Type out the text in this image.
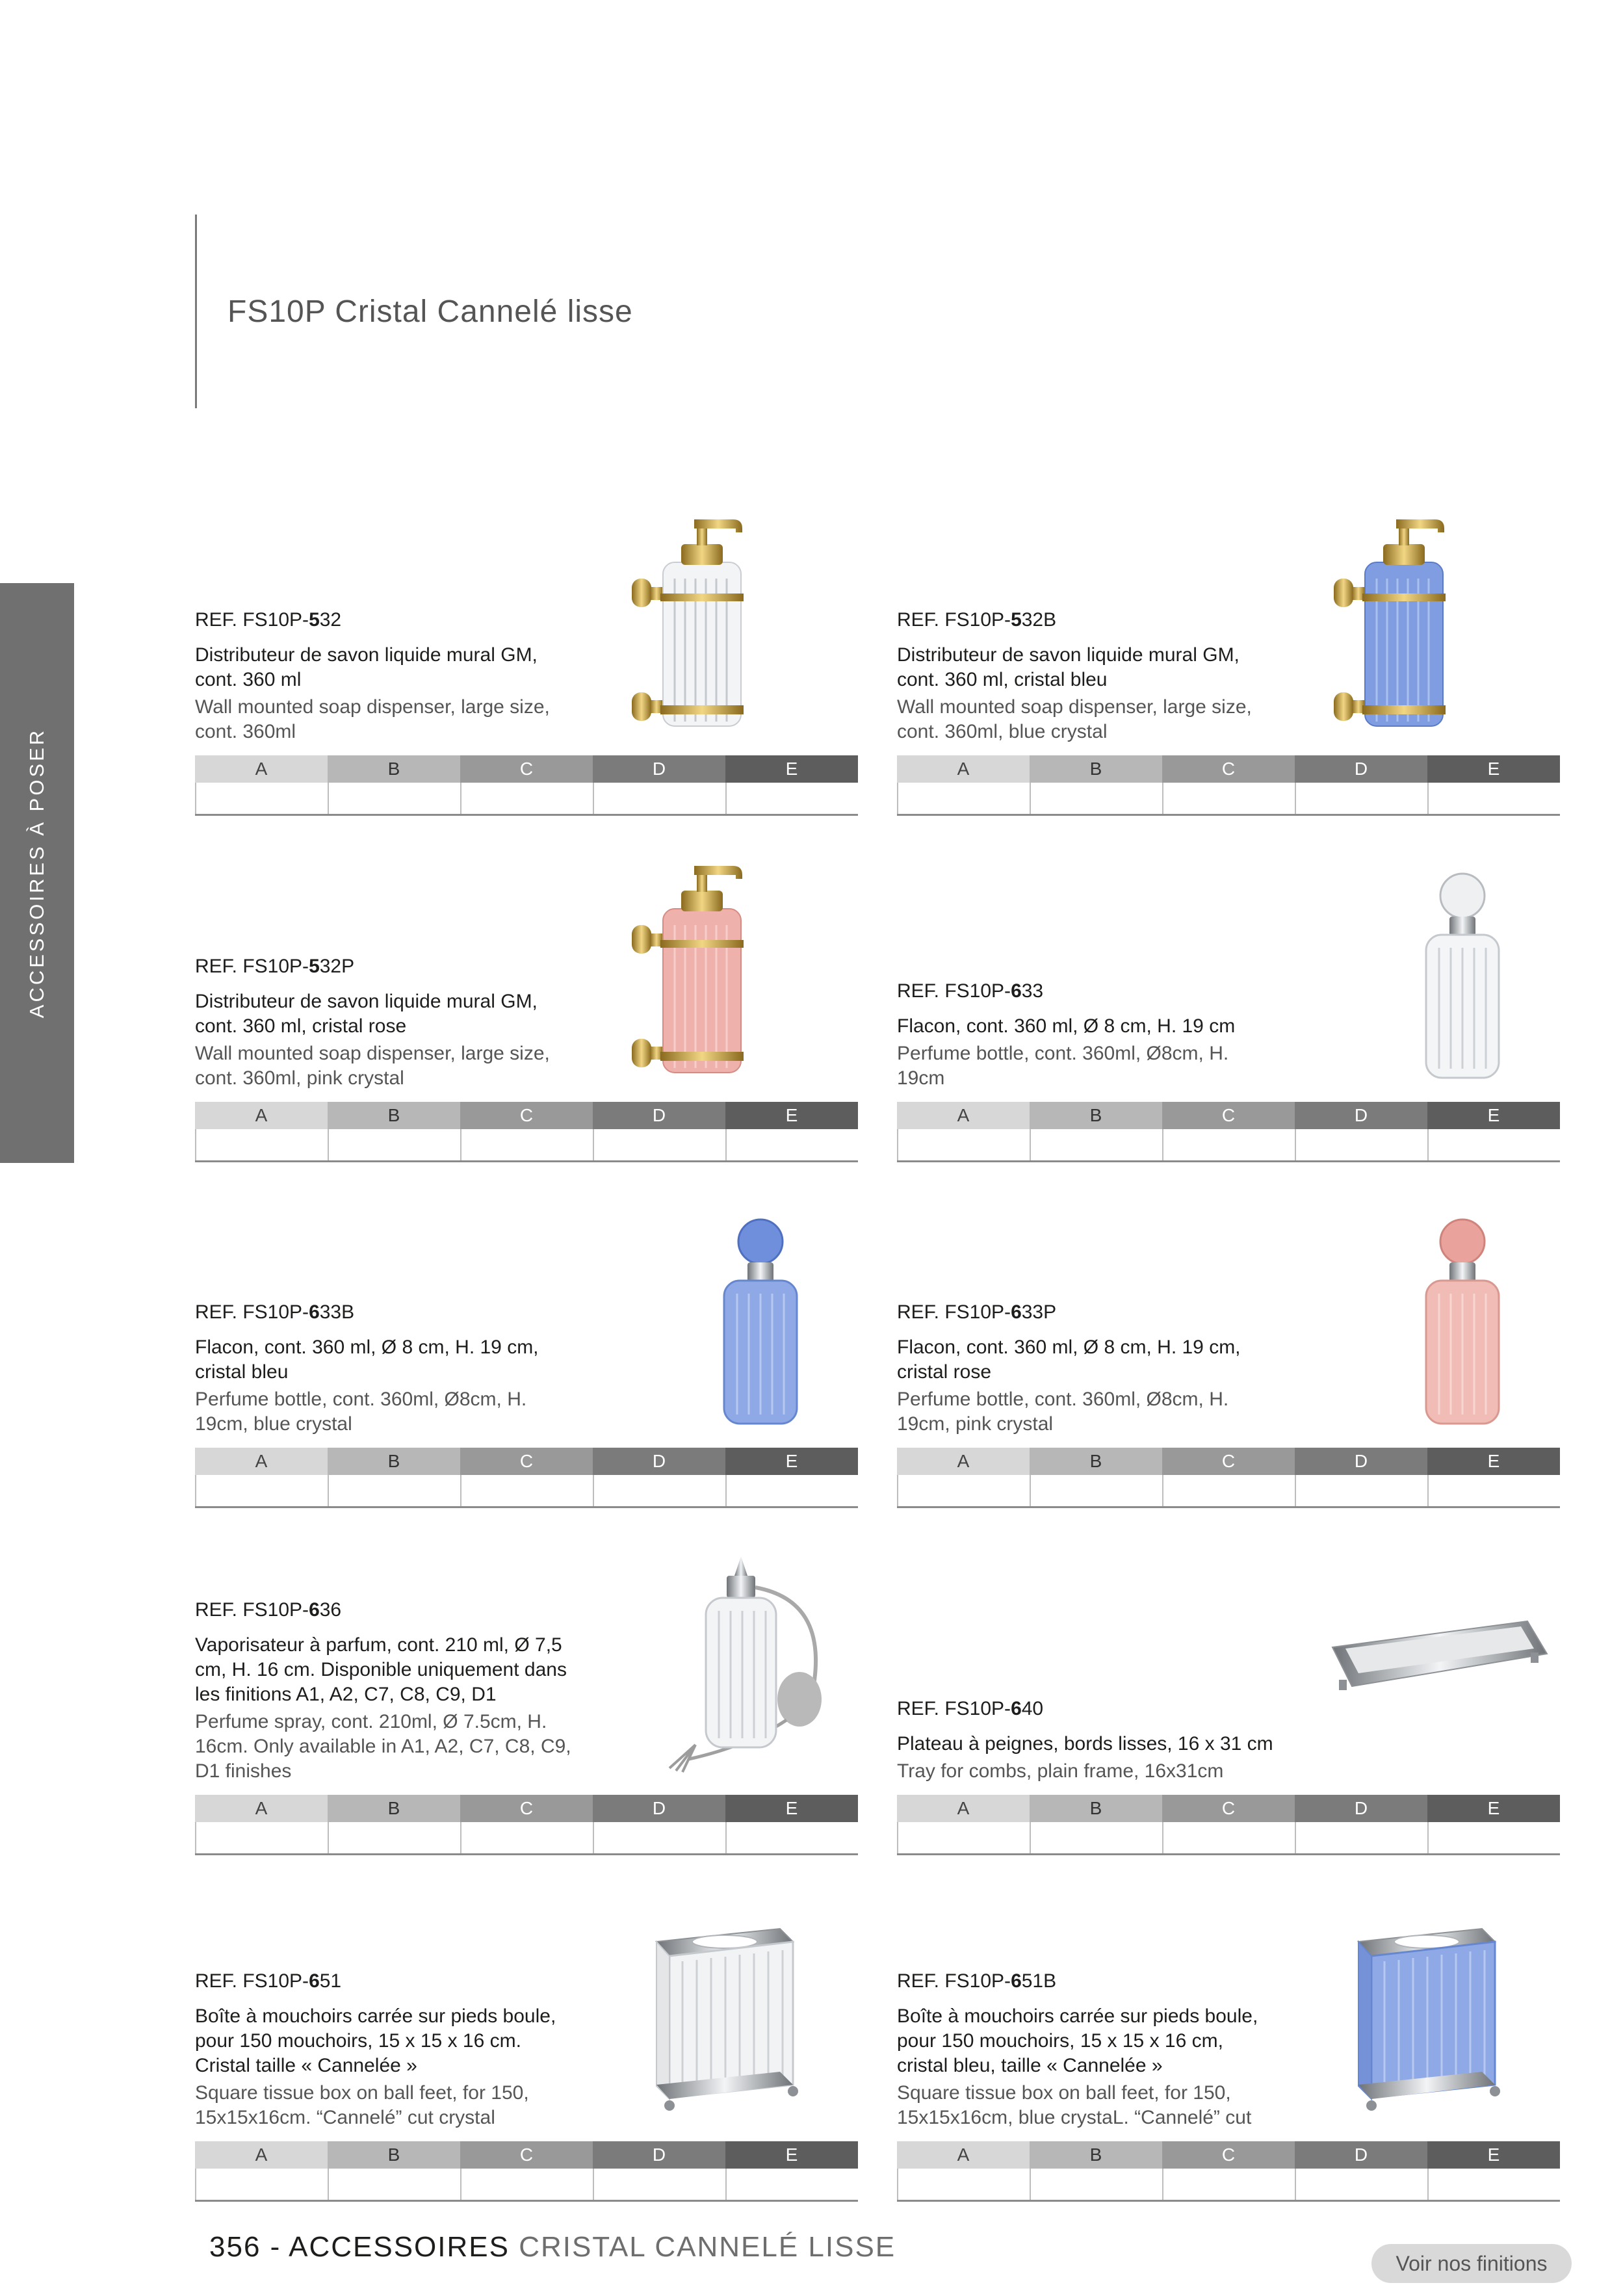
FS10P Cristal Cannelé lisse
ACCESSOIRES À POSER
REF. FS10P-532
Distributeur de savon liquide mural GM, cont. 360 ml
Wall mounted soap dispenser, large size, cont. 360ml
A	B	C	D	E
REF. FS10P-532B
Distributeur de savon liquide mural GM, cont. 360 ml, cristal bleu
Wall mounted soap dispenser, large size, cont. 360ml, blue crystal
A	B	C	D	E
REF. FS10P-532P
Distributeur de savon liquide mural GM, cont. 360 ml, cristal rose
Wall mounted soap dispenser, large size, cont. 360ml, pink crystal
A	B	C	D	E
REF. FS10P-633
Flacon, cont. 360 ml, Ø 8 cm, H. 19 cm
Perfume bottle, cont. 360ml, Ø8cm, H. 19cm
A	B	C	D	E
REF. FS10P-633B
Flacon, cont. 360 ml, Ø 8 cm, H. 19 cm, cristal bleu
Perfume bottle, cont. 360ml, Ø8cm, H. 19cm, blue crystal
A	B	C	D	E
REF. FS10P-633P
Flacon, cont. 360 ml, Ø 8 cm, H. 19 cm, cristal rose
Perfume bottle, cont. 360ml, Ø8cm, H. 19cm, pink crystal
A	B	C	D	E
REF. FS10P-636
Vaporisateur à parfum, cont. 210 ml, Ø 7,5 cm, H. 16 cm. Disponible uniquement dans les finitions A1, A2, C7, C8, C9, D1
Perfume spray, cont. 210ml, Ø 7.5cm, H. 16cm. Only available in A1, A2, C7, C8, C9, D1 finishes
A	B	C	D	E
REF. FS10P-640
Plateau à peignes, bords lisses, 16 x 31 cm
Tray for combs, plain frame, 16x31cm
A	B	C	D	E
REF. FS10P-651
Boîte à mouchoirs carrée sur pieds boule, pour 150 mouchoirs, 15 x 15 x 16 cm. Cristal taille « Cannelée »
Square tissue box on ball feet, for 150, 15x15x16cm. “Cannelé” cut crystal
A	B	C	D	E
REF. FS10P-651B
Boîte à mouchoirs carrée sur pieds boule, pour 150 mouchoirs, 15 x 15 x 16 cm, cristal bleu, taille « Cannelée »
Square tissue box on ball feet, for 150, 15x15x16cm, blue crystaL. “Cannelé” cut
A	B	C	D	E
356 - ACCESSOIRES CRISTAL CANNELÉ LISSE
Voir nos finitions
